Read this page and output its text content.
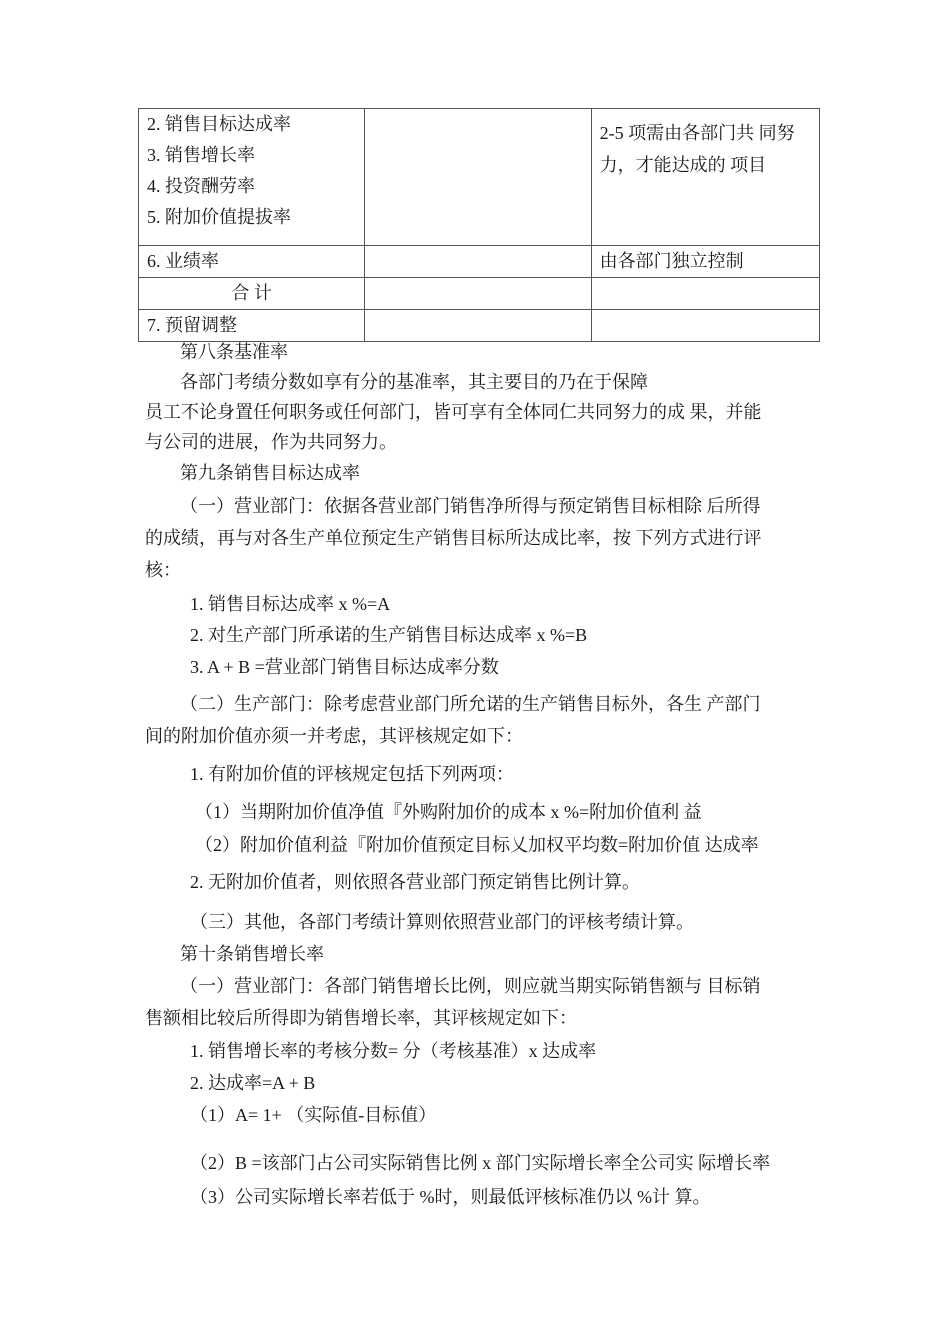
2. 销售目标达成率
3. 销售增长率
4. 投资酬劳率
5. 附加价值提拔率		2-5 项需由各部门共 同努力，才能达成的 项目
6. 业绩率		由各部门独立控制
合 计		
7. 预留调整		
第八条基准率
各部门考绩分数如享有分的基准率，其主要目的乃在于保障
员工不论身置任何职务或任何部门，皆可享有全体同仁共同努力的成 果，并能
与公司的进展，作为共同努力。
第九条销售目标达成率
（一）营业部门：依据各营业部门销售净所得与预定销售目标相除 后所得
的成绩，再与对各生产单位预定生产销售目标所达成比率，按 下列方式进行评
核：
1. 销售目标达成率 x %=A
2. 对生产部门所承诺的生产销售目标达成率 x %=B
3. A + B =营业部门销售目标达成率分数
（二）生产部门：除考虑营业部门所允诺的生产销售目标外，各生 产部门
间的附加价值亦须一并考虑，其评核规定如下：
1. 有附加价值的评核规定包括下列两项：
（1）当期附加价值净值『外购附加价的成本 x %=附加价值利 益
（2）附加价值利益『附加价值预定目标乂加权平均数=附加价值 达成率
2. 无附加价值者，则依照各营业部门预定销售比例计算。
（三）其他，各部门考绩计算则依照营业部门的评核考绩计算。
第十条销售增长率
（一）营业部门：各部门销售增长比例，则应就当期实际销售额与 目标销
售额相比较后所得即为销售增长率，其评核规定如下：
1. 销售增长率的考核分数= 分（考核基准）x 达成率
2. 达成率=A + B
（1）A= 1+ （实际值-目标值）
（2）B =该部门占公司实际销售比例 x 部门实际增长率全公司实 际增长率
（3）公司实际增长率若低于 %时，则最低评核标准仍以 %计 算。
